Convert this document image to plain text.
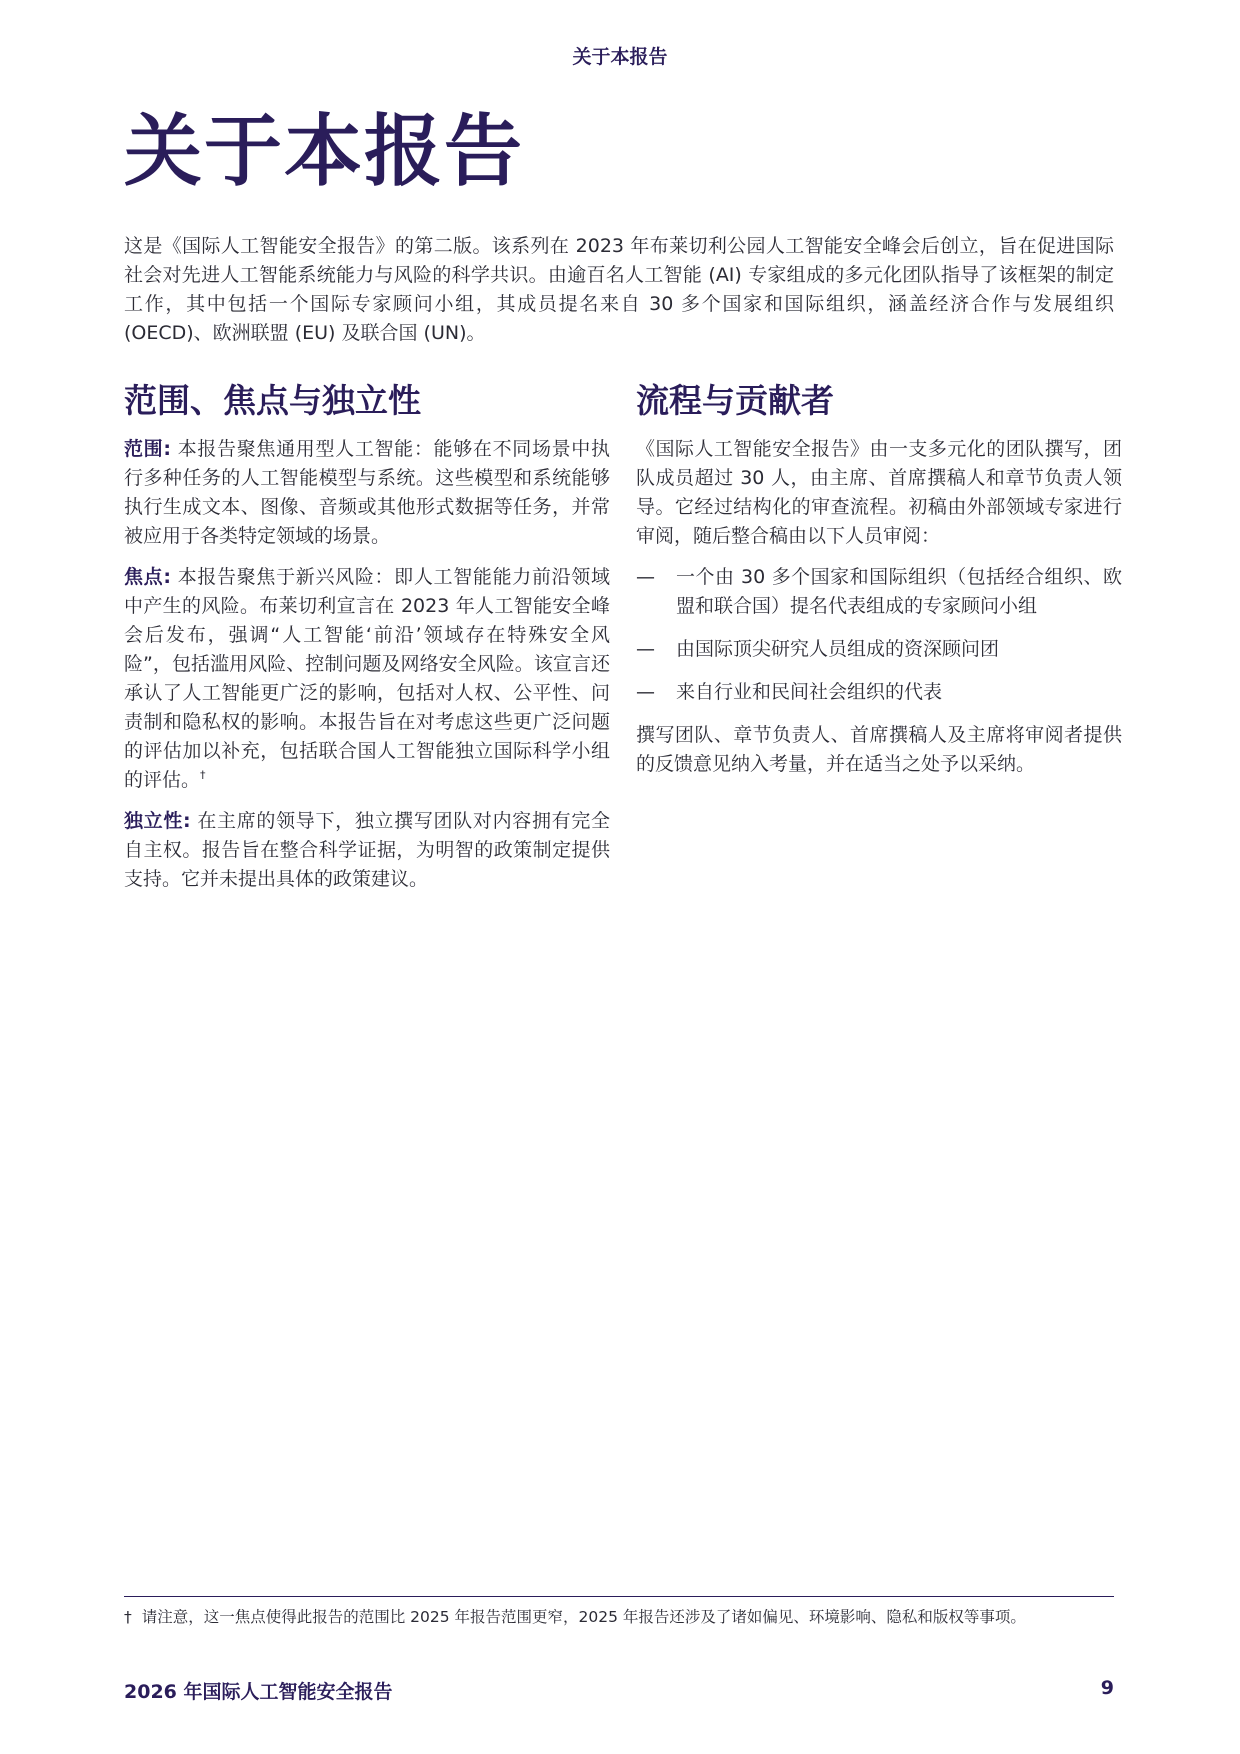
关于本报告
关于本报告

这是《国际人工智能安全报告》的第二版。该系列在 2023 年布莱切利公园人工智能安全峰会后创立，旨在促进国际社会对先进人工智能系统能力与风险的科学共识。由逾百名人工智能 (AI) 专家组成的多元化团队指导了该框架的制定工作，其中包括一个国际专家顾问小组，其成员提名来自 30 多个国家和国际组织，涵盖经济合作与发展组织 (OECD)、欧洲联盟 (EU) 及联合国 (UN)。

范围、焦点与独立性

范围: 本报告聚焦通用型人工智能：能够在不同场景中执行多种任务的人工智能模型与系统。这些模型和系统能够执行生成文本、图像、音频或其他形式数据等任务，并常被应用于各类特定领域的场景。

焦点: 本报告聚焦于新兴风险：即人工智能能力前沿领域中产生的风险。布莱切利宣言在 2023 年人工智能安全峰会后发布，强调“人工智能‘前沿’领域存在特殊安全风险”，包括滥用风险、控制问题及网络安全风险。该宣言还承认了人工智能更广泛的影响，包括对人权、公平性、问责制和隐私权的影响。本报告旨在对考虑这些更广泛问题的评估加以补充，包括联合国人工智能独立国际科学小组的评估。†

独立性: 在主席的领导下，独立撰写团队对内容拥有完全自主权。报告旨在整合科学证据，为明智的政策制定提供支持。它并未提出具体的政策建议。

流程与贡献者

《国际人工智能安全报告》由一支多元化的团队撰写，团队成员超过 30 人，由主席、首席撰稿人和章节负责人领导。它经过结构化的审查流程。初稿由外部领域专家进行审阅，随后整合稿由以下人员审阅：

— 一个由 30 多个国家和国际组织（包括经合组织、欧盟和联合国）提名代表组成的专家顾问小组
— 由国际顶尖研究人员组成的资深顾问团
— 来自行业和民间社会组织的代表

撰写团队、章节负责人、首席撰稿人及主席将审阅者提供的反馈意见纳入考量，并在适当之处予以采纳。

† 请注意，这一焦点使得此报告的范围比 2025 年报告范围更窄，2025 年报告还涉及了诸如偏见、环境影响、隐私和版权等事项。
2026 年国际人工智能安全报告	9
